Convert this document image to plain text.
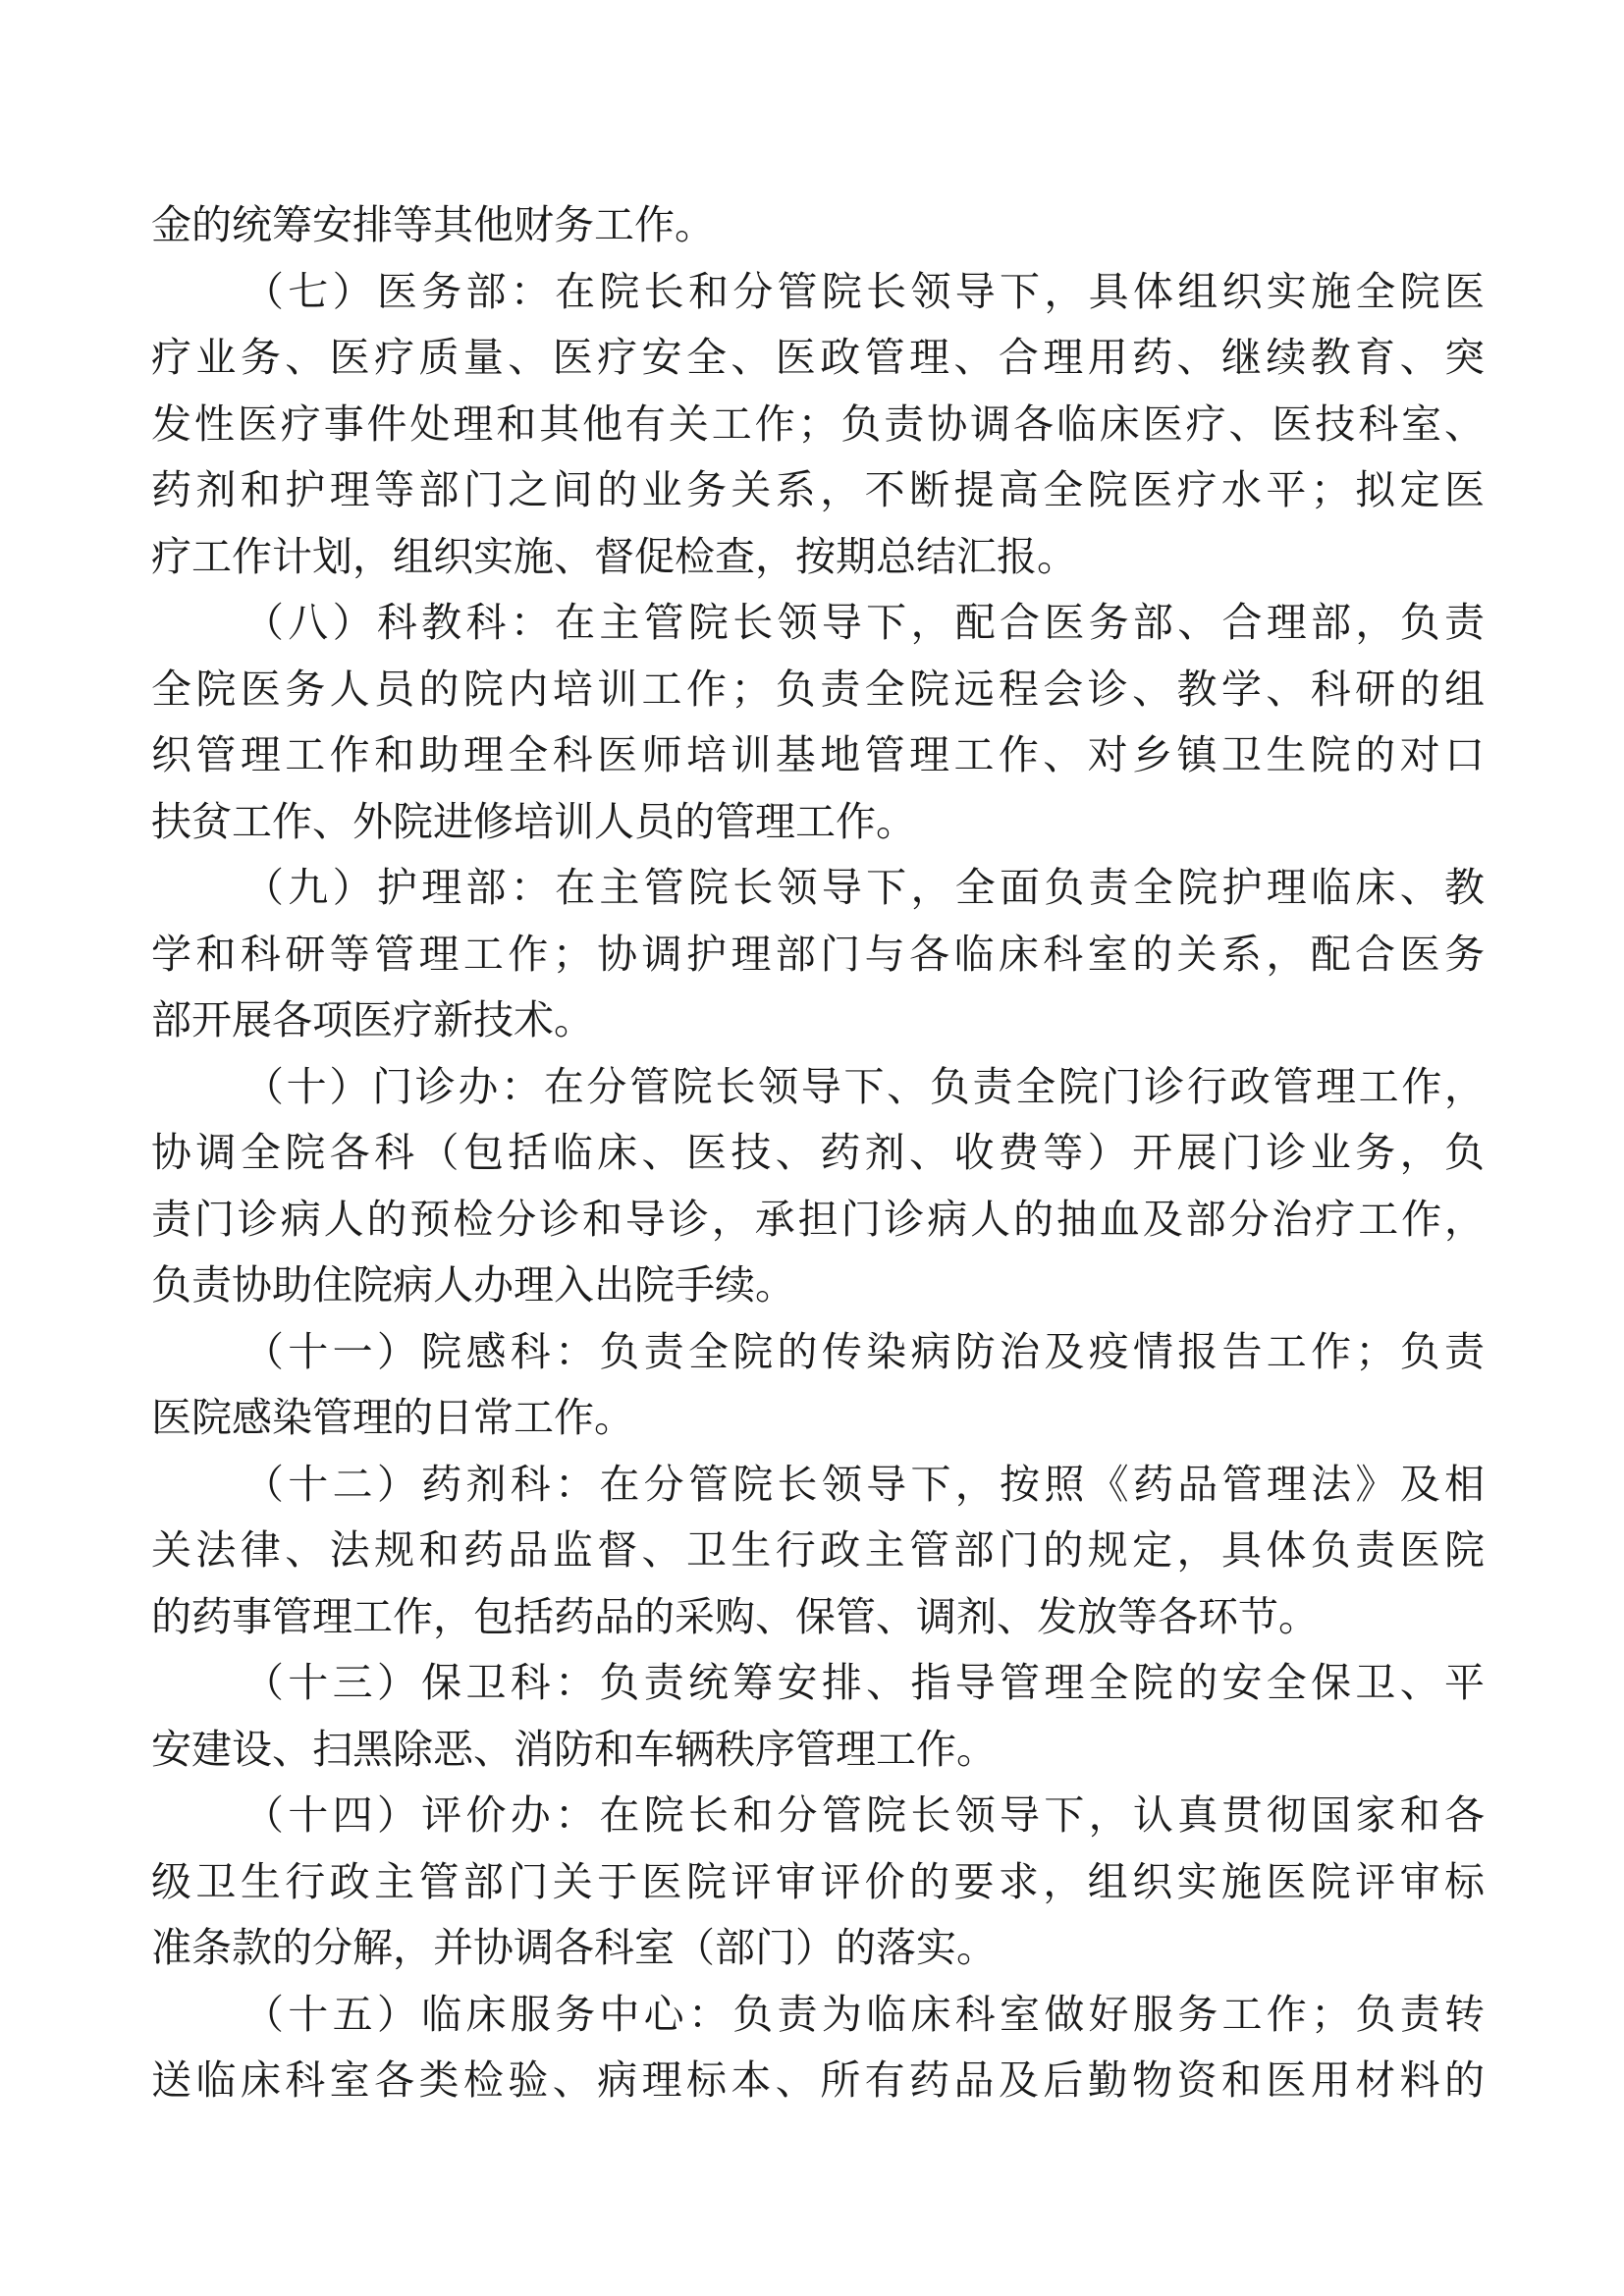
金的统筹安排等其他财务工作。
（七）医务部：在院长和分管院长领导下，具体组织实施全院医
疗业务、医疗质量、医疗安全、医政管理、合理用药、继续教育、突
发性医疗事件处理和其他有关工作；负责协调各临床医疗、医技科室、
药剂和护理等部门之间的业务关系，不断提高全院医疗水平；拟定医
疗工作计划，组织实施、督促检查，按期总结汇报。
（八）科教科：在主管院长领导下，配合医务部、合理部，负责
全院医务人员的院内培训工作；负责全院远程会诊、教学、科研的组
织管理工作和助理全科医师培训基地管理工作、对乡镇卫生院的对口
扶贫工作、外院进修培训人员的管理工作。
（九）护理部：在主管院长领导下，全面负责全院护理临床、教
学和科研等管理工作；协调护理部门与各临床科室的关系，配合医务
部开展各项医疗新技术。
（十）门诊办：在分管院长领导下、负责全院门诊行政管理工作，
协调全院各科（包括临床、医技、药剂、收费等）开展门诊业务，负
责门诊病人的预检分诊和导诊，承担门诊病人的抽血及部分治疗工作，
负责协助住院病人办理入出院手续。
（十一）院感科：负责全院的传染病防治及疫情报告工作；负责
医院感染管理的日常工作。
（十二）药剂科：在分管院长领导下，按照《药品管理法》及相
关法律、法规和药品监督、卫生行政主管部门的规定，具体负责医院
的药事管理工作，包括药品的采购、保管、调剂、发放等各环节。
（十三）保卫科：负责统筹安排、指导管理全院的安全保卫、平
安建设、扫黑除恶、消防和车辆秩序管理工作。
（十四）评价办：在院长和分管院长领导下，认真贯彻国家和各
级卫生行政主管部门关于医院评审评价的要求，组织实施医院评审标
准条款的分解，并协调各科室（部门）的落实。
（十五）临床服务中心：负责为临床科室做好服务工作；负责转
送临床科室各类检验、病理标本、所有药品及后勤物资和医用材料的
